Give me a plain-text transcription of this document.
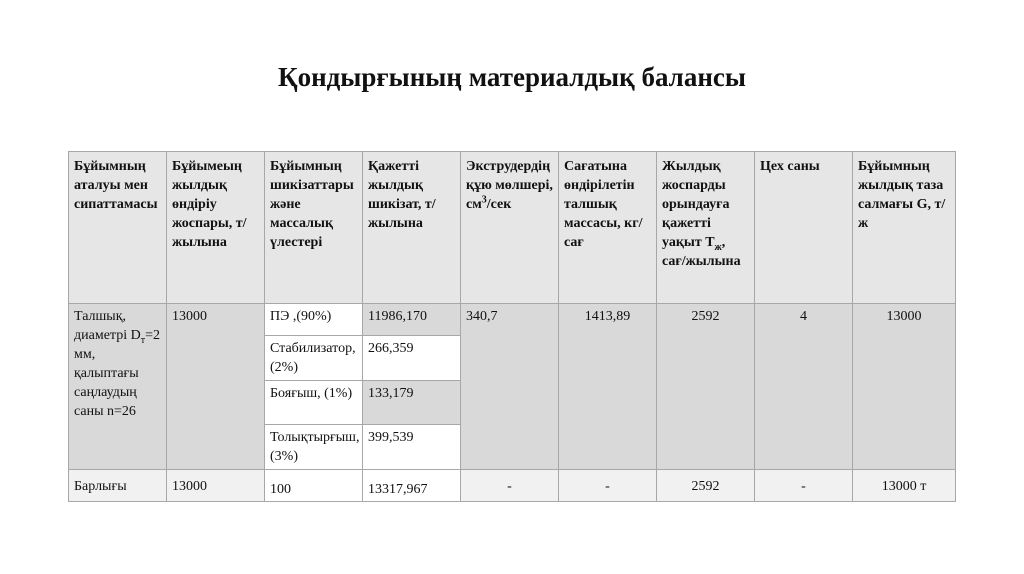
Қондырғының материалдық балансы
Бұйымның аталуы мен сипаттамасы	Бұйымеың жылдық өндіріу жоспары, т/жылына	Бұйымның шикізаттары және массалық үлестері	Қажетті жылдық шикізат, т/жылына	Экструдердің құю мөлшері, $см^3$/сек	Сағатына өндірілетін талшық массасы, кг/сағ	Жылдық жоспарды орындауға қажетті уақыт $Т_ж$, сағ/жылына	Цех саны	Бұйымның жылдық таза салмағы G, т/ж
Талшық, диаметрі $D_т=2$ мм, қалыптағы саңлаудың саны n=26	13000	ПЭ ,(90%)	11986,170	340,7	1413,89	2592	4	13000
		Стабилизатор, (2%)	266,359					
		Бояғыш, (1%)	133,179					
		Толықтырғыш, (3%)	399,539					
Барлығы	13000	100	13317,967	-	-	2592	-	13000 т
